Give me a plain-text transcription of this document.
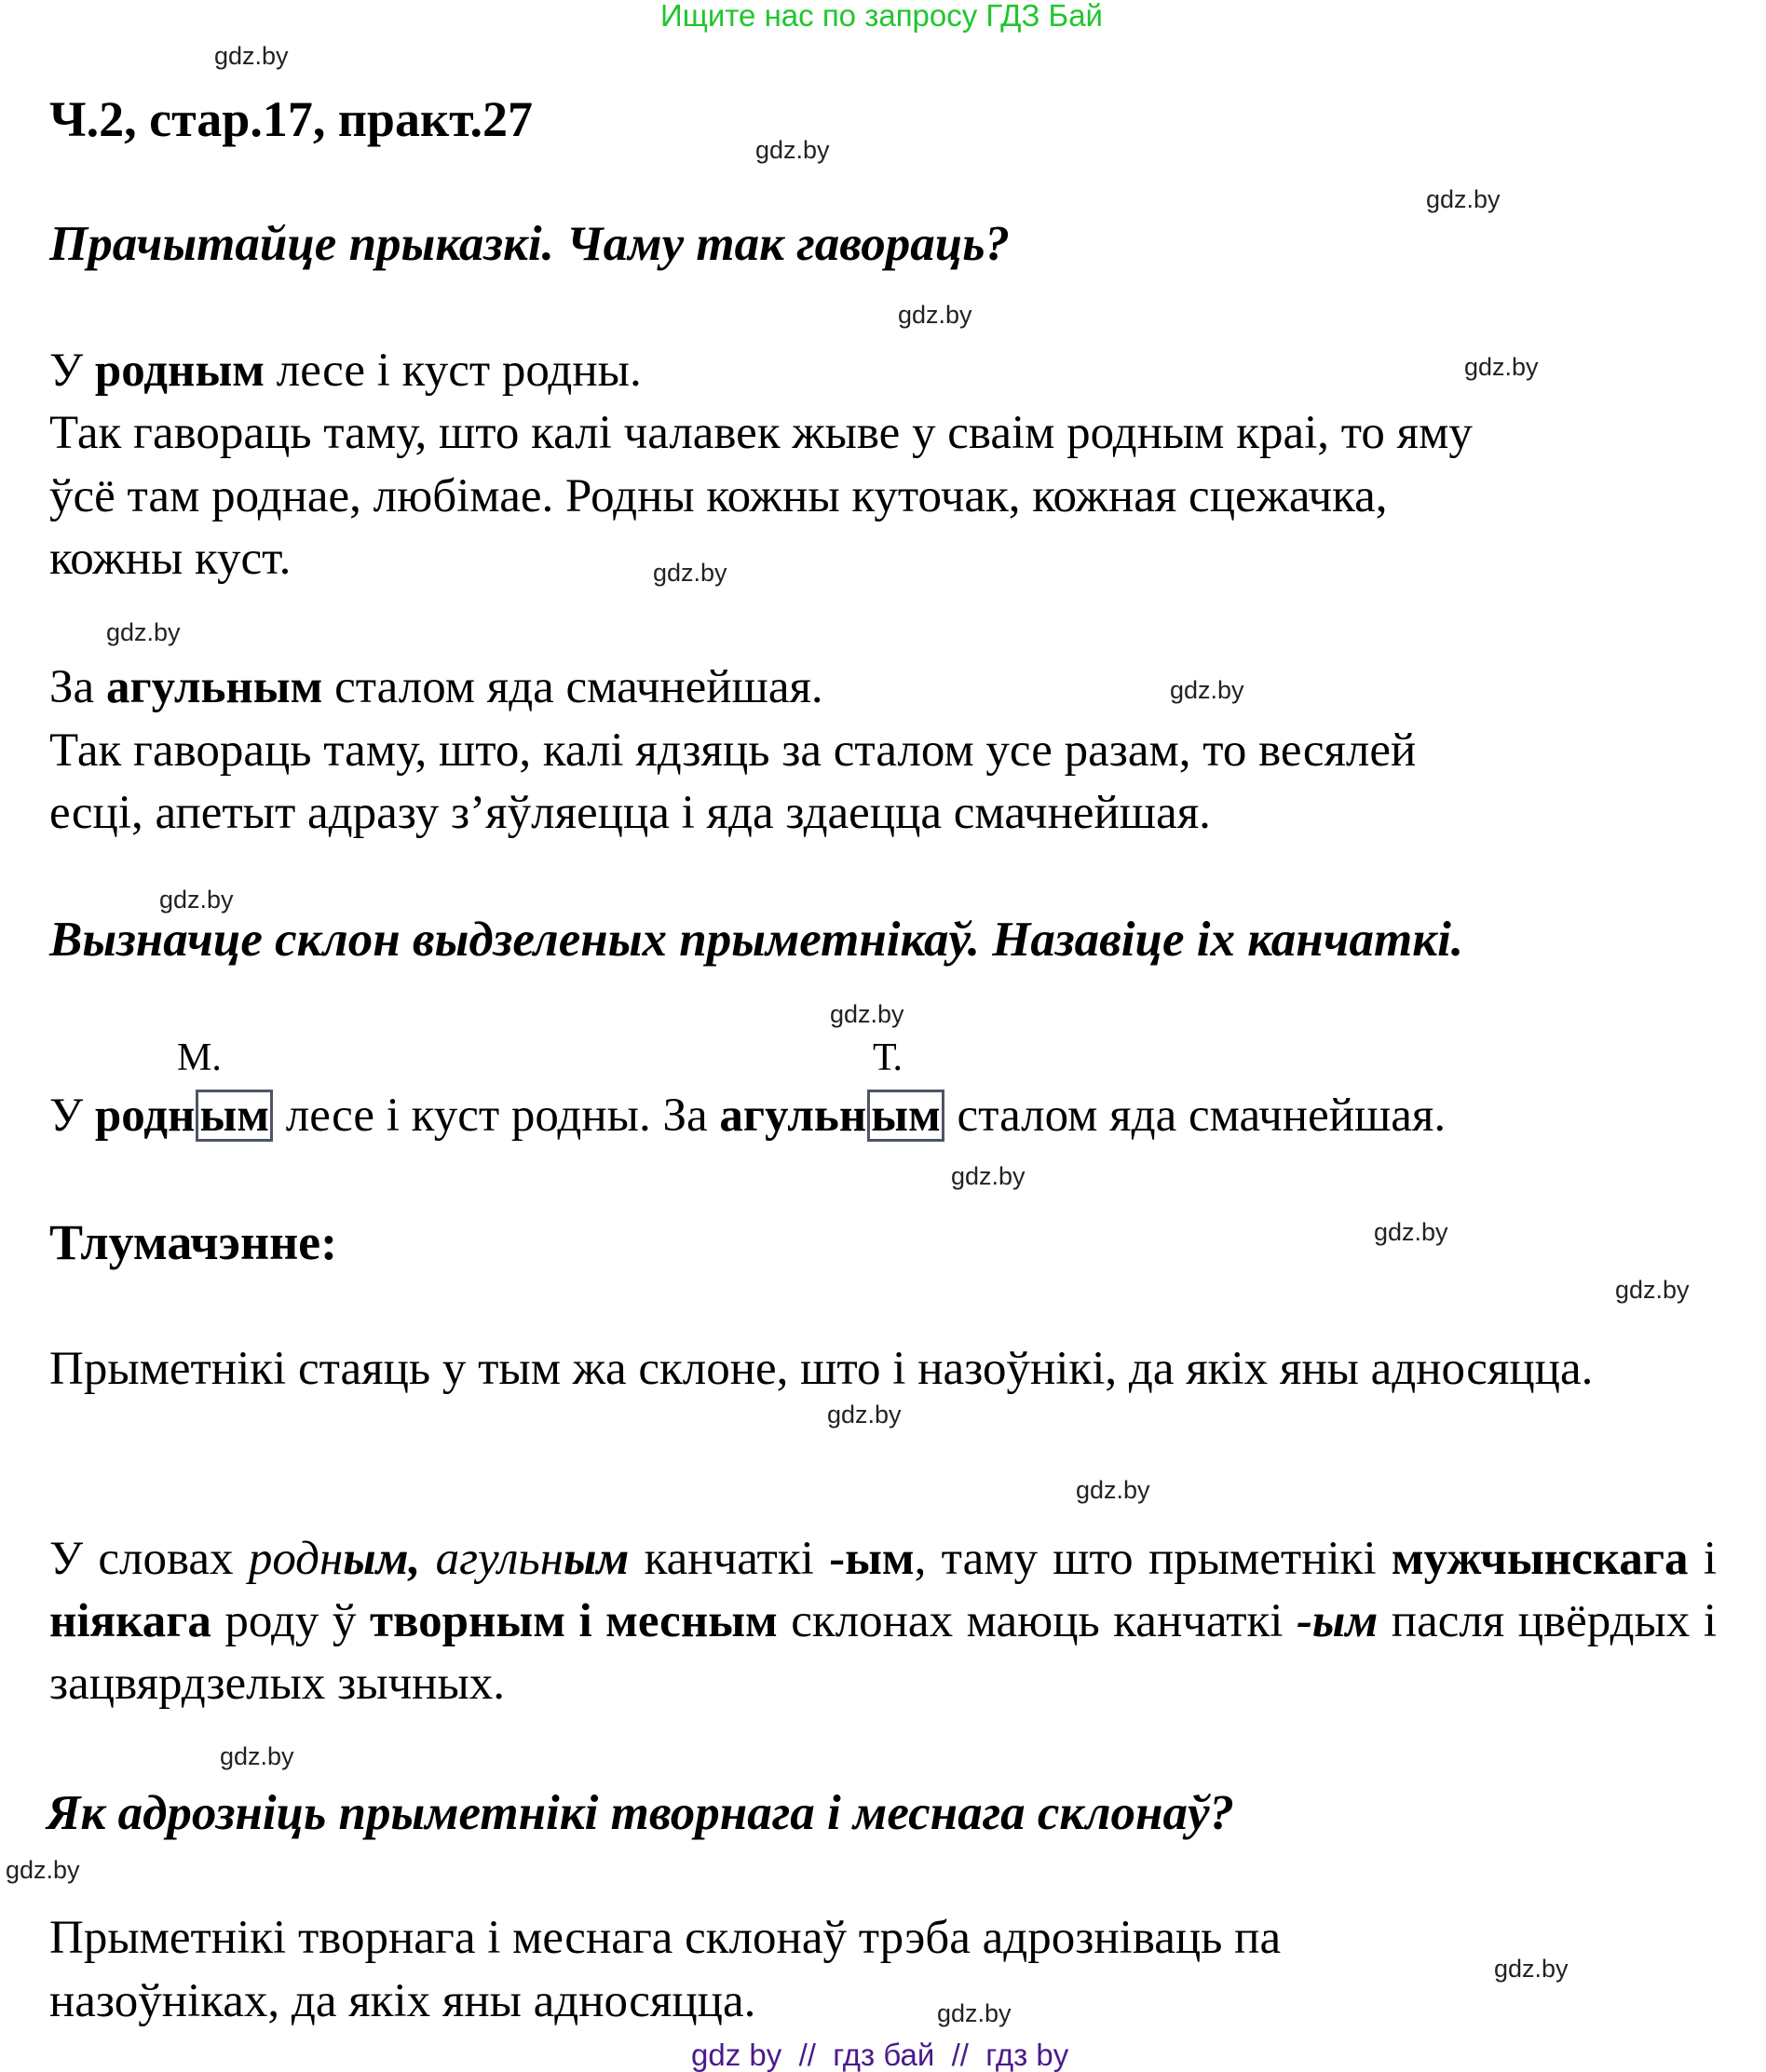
Ищите нас по запросу ГДЗ Бай
gdz.by
gdz.by
gdz.by
gdz.by
gdz.by
gdz.by
gdz.by
gdz.by
gdz.by
gdz.by
gdz.by
gdz.by
gdz.by
gdz.by
gdz.by
gdz.by
gdz.by
gdz.by
gdz.by
Ч.2, стар.17, практ.27
Прачытайце прыказкі. Чаму так гавораць?
У родным лесе і куст родны.
Так гавораць таму, што калі чалавек жыве у сваім родным краі, то яму
ўсё там роднае, любімае. Родны кожны куточак, кожная сцежачка,
кожны куст.
За агульным сталом яда смачнейшая.
Так гавораць таму, што, калі ядзяць за сталом усе разам, то весялей
есці, апетыт адразу з’яўляецца і яда здаецца смачнейшая.
Вызначце склон выдзеленых прыметнікаў. Назавіце іх канчаткі.
М.	Т.
У родным лесе і куст родны. За агульным сталом яда смачнейшая.
Тлумачэнне:
Прыметнікі стаяць у тым жа склоне, што і назоўнікі, да якіх яны адносяцца.
У словах родным, агульным канчаткі -ым, таму што прыметнікі мужчынскага і ніякага роду ў творным і месным склонах маюць канчаткі -ым пасля цвёрдых і зацвярдзелых зычных.
Як адрозніць прыметнікі творнага і меснага склонаў?
Прыметнікі творнага і меснага склонаў трэба адрозніваць па
назоўніках, да якіх яны адносяцца.
gdz by  //  гдз бай  //  гдз by
